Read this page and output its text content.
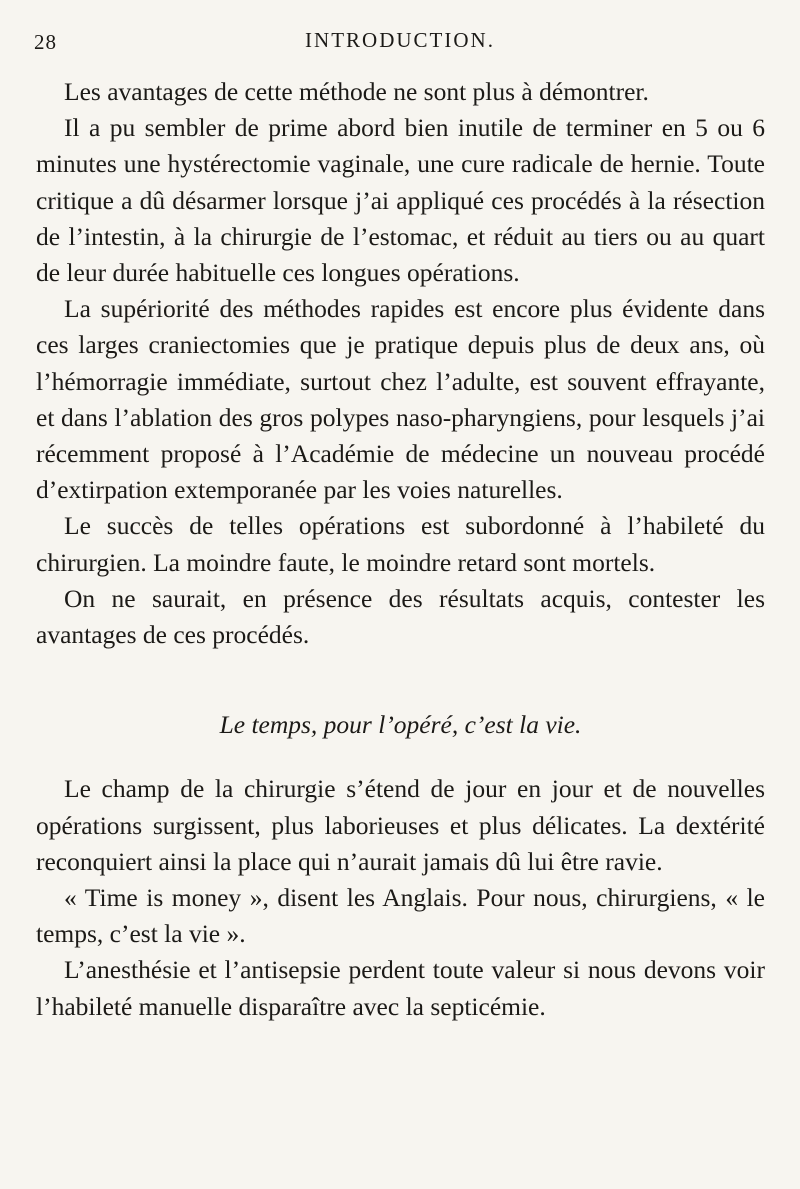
28	INTRODUCTION.

Les avantages de cette méthode ne sont plus à démontrer.

Il a pu sembler de prime abord bien inutile de terminer en 5 ou 6 minutes une hystérectomie vaginale, une cure radicale de hernie. Toute critique a dû désarmer lorsque j’ai appliqué ces procédés à la résection de l’intestin, à la chirurgie de l’estomac, et réduit au tiers ou au quart de leur durée habituelle ces longues opérations.

La supériorité des méthodes rapides est encore plus évidente dans ces larges craniectomies que je pratique depuis plus de deux ans, où l’hémorragie immédiate, surtout chez l’adulte, est souvent effrayante, et dans l’ablation des gros polypes naso-pharyngiens, pour lesquels j’ai récemment proposé à l’Académie de médecine un nouveau procédé d’extirpation extemporanée par les voies naturelles.

Le succès de telles opérations est subordonné à l’habileté du chirurgien. La moindre faute, le moindre retard sont mortels.

On ne saurait, en présence des résultats acquis, contester les avantages de ces procédés.

Le temps, pour l’opéré, c’est la vie.

Le champ de la chirurgie s’étend de jour en jour et de nouvelles opérations surgissent, plus laborieuses et plus délicates. La dextérité reconquiert ainsi la place qui n’aurait jamais dû lui être ravie.

« Time is money », disent les Anglais. Pour nous, chirurgiens, « le temps, c’est la vie ».

L’anesthésie et l’antisepsie perdent toute valeur si nous devons voir l’habileté manuelle disparaître avec la septicémie.
